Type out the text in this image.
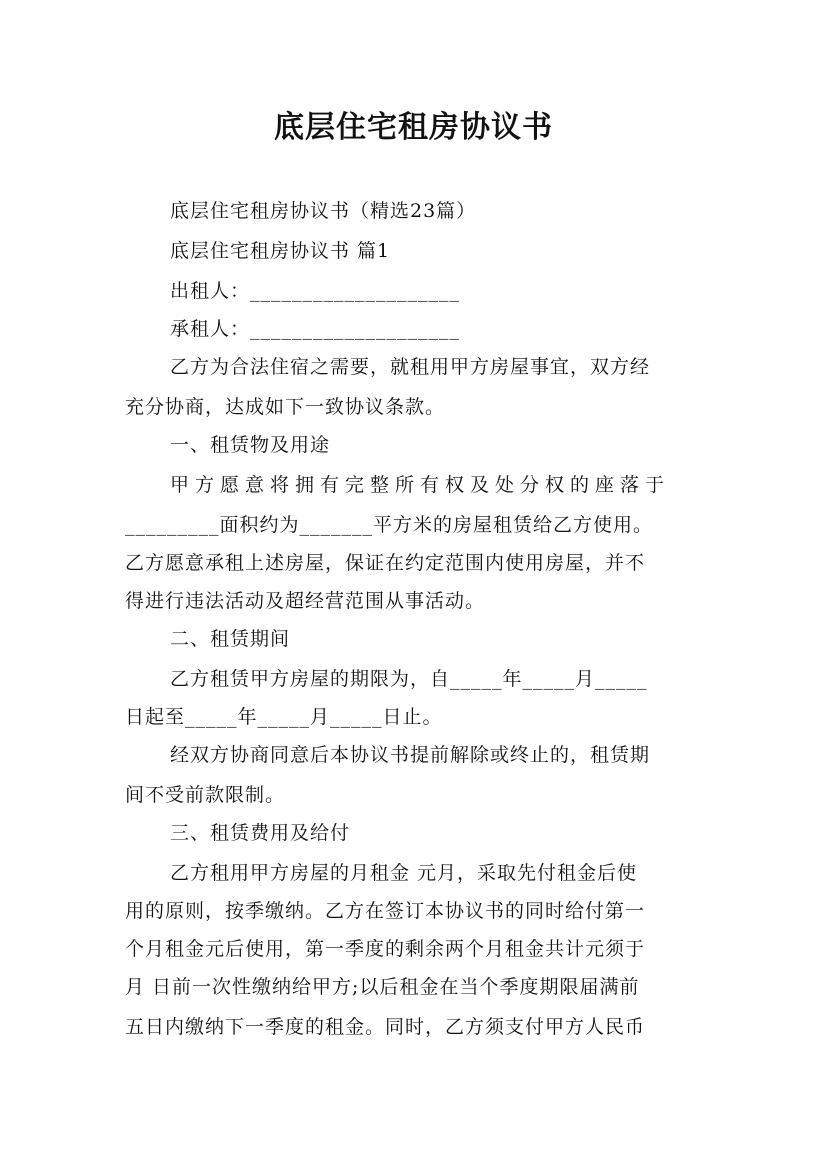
底层住宅租房协议书
底层住宅租房协议书（精选23篇）
底层住宅租房协议书 篇1
出租人：____________________
承租人：____________________
乙方为合法住宿之需要，就租用甲方房屋事宜，双方经
充分协商，达成如下一致协议条款。
一、租赁物及用途
甲方愿意将拥有完整所有权及处分权的座落于
_________面积约为_______平方米的房屋租赁给乙方使用。
乙方愿意承租上述房屋，保证在约定范围内使用房屋，并不
得进行违法活动及超经营范围从事活动。
二、租赁期间
乙方租赁甲方房屋的期限为，自_____年_____月_____
日起至_____年_____月_____日止。
经双方协商同意后本协议书提前解除或终止的，租赁期
间不受前款限制。
三、租赁费用及给付
乙方租用甲方房屋的月租金 元月，采取先付租金后使
用的原则，按季缴纳。乙方在签订本协议书的同时给付第一
个月租金元后使用，第一季度的剩余两个月租金共计元须于
月 日前一次性缴纳给甲方;以后租金在当个季度期限届满前
五日内缴纳下一季度的租金。同时，乙方须支付甲方人民币
